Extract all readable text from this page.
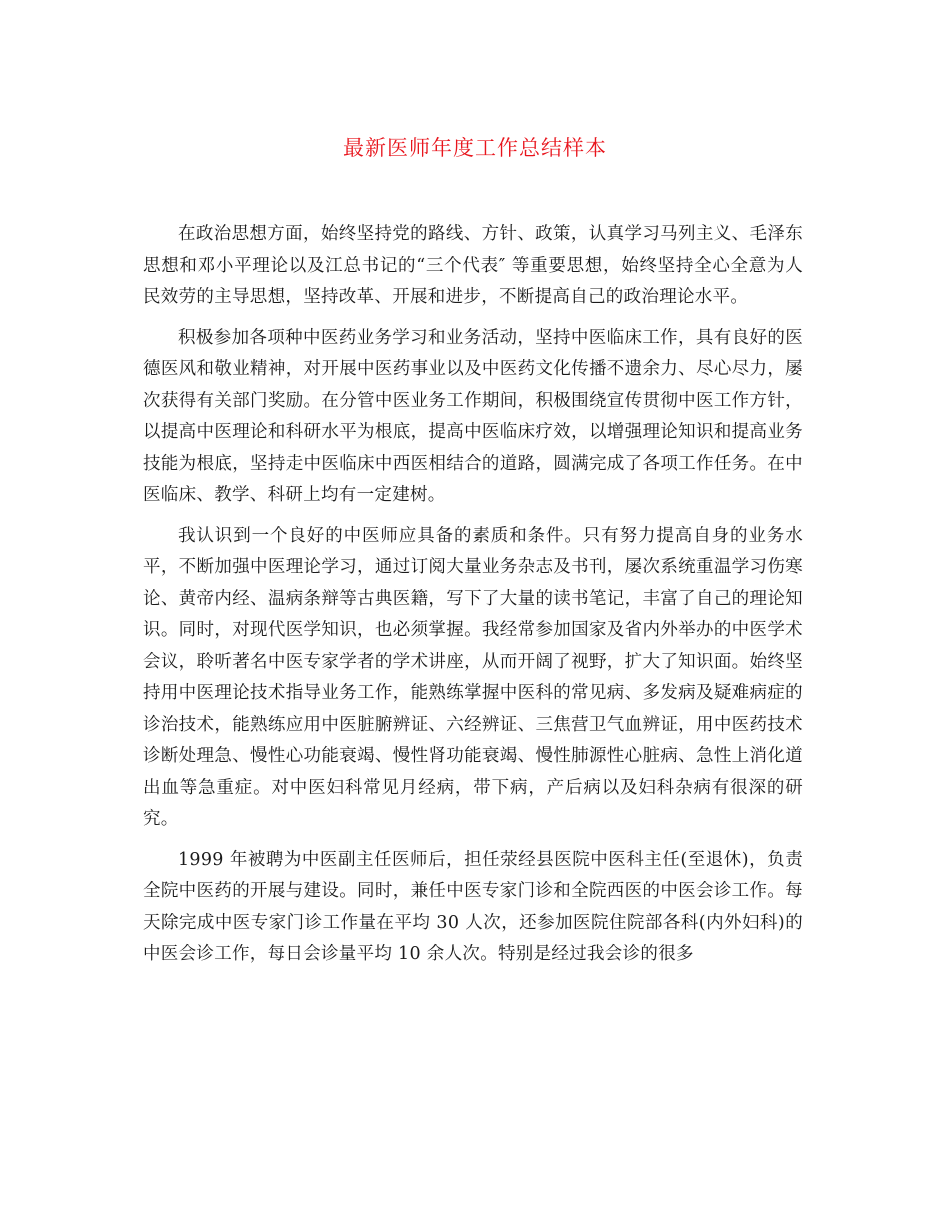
最新医师年度工作总结样本

在政治思想方面，始终坚持党的路线、方针、政策，认真学习马列主义、毛泽东思想和邓小平理论以及江总书记的“三个代表″ 等重要思想，始终坚持全心全意为人民效劳的主导思想，坚持改革、开展和进步，不断提高自己的政治理论水平。

积极参加各项种中医药业务学习和业务活动，坚持中医临床工作，具有良好的医德医风和敬业精神，对开展中医药事业以及中医药文化传播不遗余力、尽心尽力，屡次获得有关部门奖励。在分管中医业务工作期间，积极围绕宣传贯彻中医工作方针，以提高中医理论和科研水平为根底，提高中医临床疗效，以增强理论知识和提高业务技能为根底，坚持走中医临床中西医相结合的道路，圆满完成了各项工作任务。在中医临床、教学、科研上均有一定建树。

我认识到一个良好的中医师应具备的素质和条件。只有努力提高自身的业务水平，不断加强中医理论学习，通过订阅大量业务杂志及书刊，屡次系统重温学习伤寒论、黄帝内经、温病条辩等古典医籍，写下了大量的读书笔记，丰富了自己的理论知识。同时，对现代医学知识，也必须掌握。我经常参加国家及省内外举办的中医学术会议，聆听著名中医专家学者的学术讲座，从而开阔了视野，扩大了知识面。始终坚持用中医理论技术指导业务工作，能熟练掌握中医科的常见病、多发病及疑难病症的诊治技术，能熟练应用中医脏腑辨证、六经辨证、三焦营卫气血辨证，用中医药技术诊断处理急、慢性心功能衰竭、慢性肾功能衰竭、慢性肺源性心脏病、急性上消化道出血等急重症。对中医妇科常见月经病，带下病，产后病以及妇科杂病有很深的研究。

1999 年被聘为中医副主任医师后，担任荥经县医院中医科主任(至退休)，负责全院中医药的开展与建设。同时，兼任中医专家门诊和全院西医的中医会诊工作。每天除完成中医专家门诊工作量在平均 30 人次，还参加医院住院部各科(内外妇科)的中医会诊工作，每日会诊量平均 10 余人次。特别是经过我会诊的很多
